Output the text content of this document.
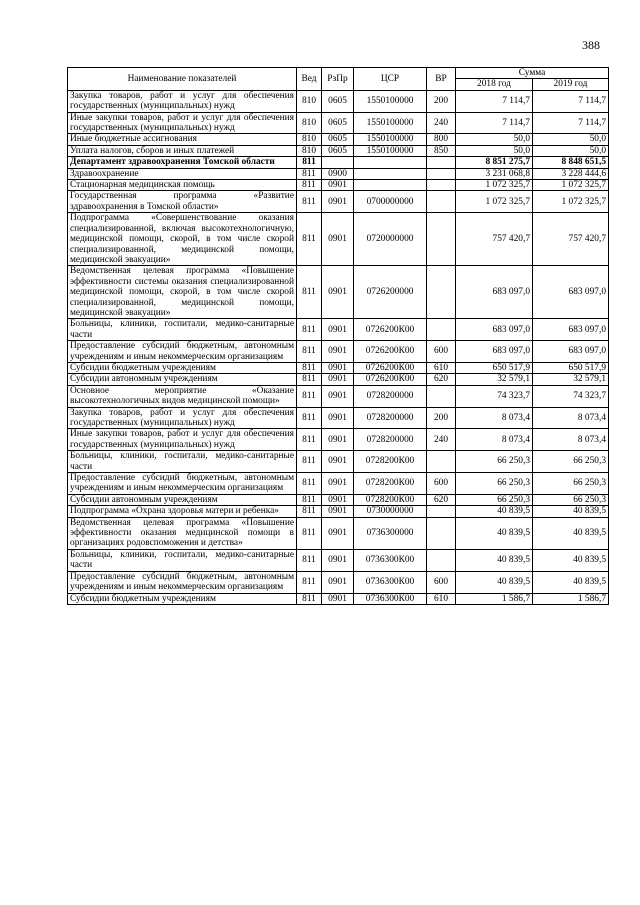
388
Наименование показателей	Вед	РзПр	ЦСР	ВР	Сумма	
					2018 год	2019 год
Закупка товаров, работ и услуг для обеспечения государственных (муниципальных) нужд	810	0605	1550100000	200	7 114,7	7 114,7
Иные закупки товаров, работ и услуг для обеспечения государственных (муниципальных) нужд	810	0605	1550100000	240	7 114,7	7 114,7
Иные бюджетные ассигнования	810	0605	1550100000	800	50,0	50,0
Уплата налогов, сборов и иных платежей	810	0605	1550100000	850	50,0	50,0
Департамент здравоохранения Томской области	811				8 851 275,7	8 848 651,5
Здравоохранение	811	0900			3 231 068,8	3 228 444,6
Стационарная медицинская помощь	811	0901			1 072 325,7	1 072 325,7
Государственная программа «Развитие здравоохранения в Томской области»	811	0901	0700000000		1 072 325,7	1 072 325,7
Подпрограмма «Совершенствование оказания специализированной, включая высокотехнологичную, медицинской помощи, скорой, в том числе скорой специализированной, медицинской помощи, медицинской эвакуации»	811	0901	0720000000		757 420,7	757 420,7
Ведомственная целевая программа «Повышение эффективности системы оказания специализированной медицинской помощи, скорой, в том числе скорой специализированной, медицинской помощи, медицинской эвакуации»	811	0901	0726200000		683 097,0	683 097,0
Больницы, клиники, госпитали, медико-санитарные части	811	0901	0726200К00		683 097,0	683 097,0
Предоставление субсидий бюджетным, автономным учреждениям и иным некоммерческим организациям	811	0901	0726200К00	600	683 097,0	683 097,0
Субсидии бюджетным учреждениям	811	0901	0726200К00	610	650 517,9	650 517,9
Субсидии автономным учреждениям	811	0901	0726200К00	620	32 579,1	32 579,1
Основное мероприятие «Оказание высокотехнологичных видов медицинской помощи»	811	0901	0728200000		74 323,7	74 323,7
Закупка товаров, работ и услуг для обеспечения государственных (муниципальных) нужд	811	0901	0728200000	200	8 073,4	8 073,4
Иные закупки товаров, работ и услуг для обеспечения государственных (муниципальных) нужд	811	0901	0728200000	240	8 073,4	8 073,4
Больницы, клиники, госпитали, медико-санитарные части	811	0901	0728200К00		66 250,3	66 250,3
Предоставление субсидий бюджетным, автономным учреждениям и иным некоммерческим организациям	811	0901	0728200К00	600	66 250,3	66 250,3
Субсидии автономным учреждениям	811	0901	0728200К00	620	66 250,3	66 250,3
Подпрограмма «Охрана здоровья матери и ребенка»	811	0901	0730000000		40 839,5	40 839,5
Ведомственная целевая программа «Повышение эффективности оказания медицинской помощи в организациях родовспоможения и детства»	811	0901	0736300000		40 839,5	40 839,5
Больницы, клиники, госпитали, медико-санитарные части	811	0901	0736300К00		40 839,5	40 839,5
Предоставление субсидий бюджетным, автономным учреждениям и иным некоммерческим организациям	811	0901	0736300К00	600	40 839,5	40 839,5
Субсидии бюджетным учреждениям	811	0901	0736300К00	610	1 586,7	1 586,7
